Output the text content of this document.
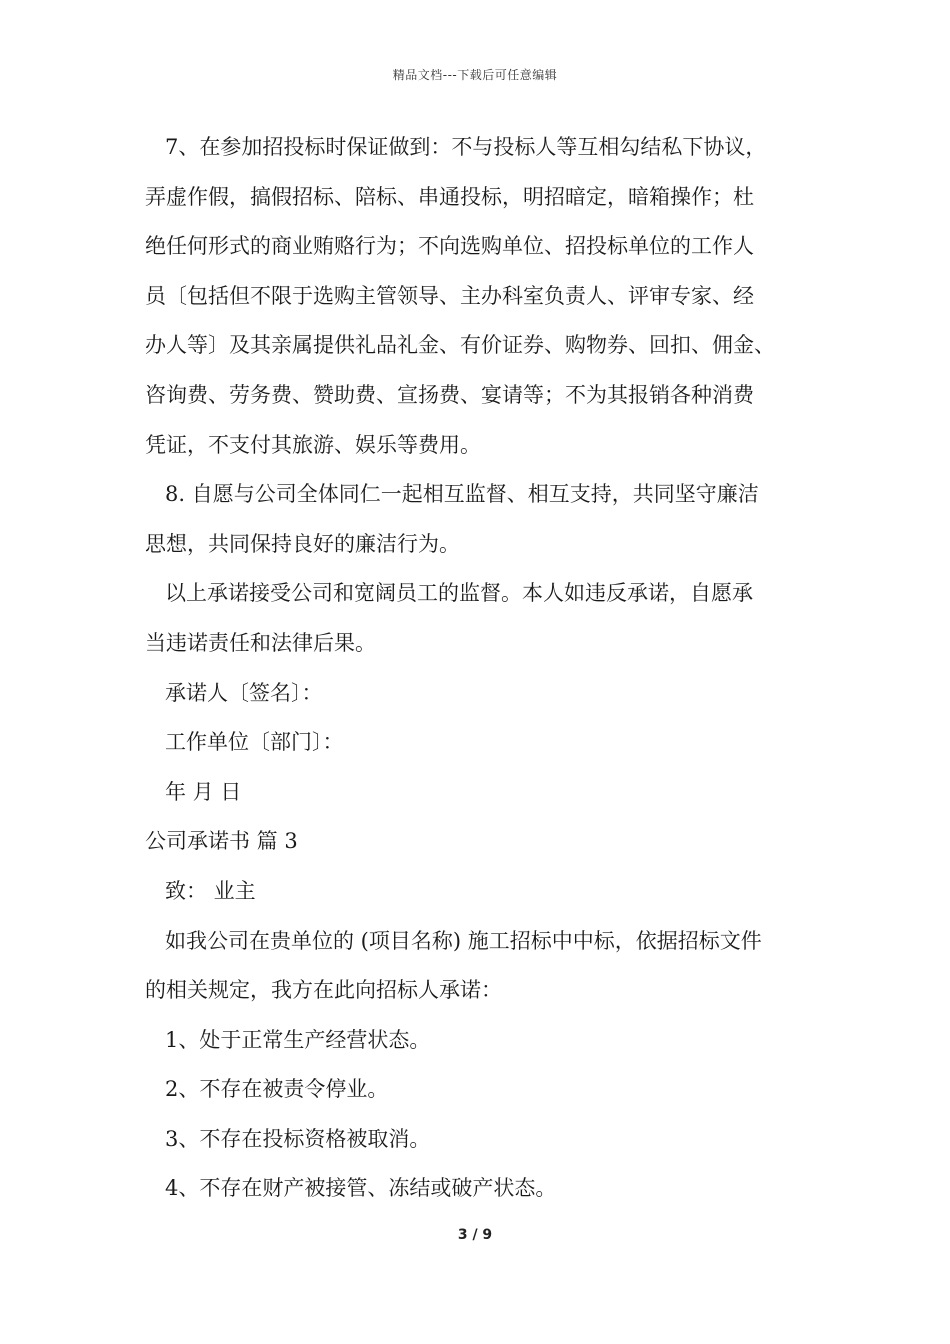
精品文档---下载后可任意编辑
7、在参加招投标时保证做到：不与投标人等互相勾结私下协议，
弄虚作假，搞假招标、陪标、串通投标，明招暗定，暗箱操作；杜
绝任何形式的商业贿赂行为；不向选购单位、招投标单位的工作人
员〔包括但不限于选购主管领导、主办科室负责人、评审专家、经
办人等〕及其亲属提供礼品礼金、有价证券、购物券、回扣、佣金、
咨询费、劳务费、赞助费、宣扬费、宴请等；不为其报销各种消费
凭证，不支付其旅游、娱乐等费用。
8. 自愿与公司全体同仁一起相互监督、相互支持，共同坚守廉洁
思想，共同保持良好的廉洁行为。
以上承诺接受公司和宽阔员工的监督。本人如违反承诺，自愿承
当违诺责任和法律后果。
承诺人〔签名〕：
工作单位〔部门〕：
年 月 日
公司承诺书 篇 3
致： 业主
如我公司在贵单位的 (项目名称) 施工招标中中标，依据招标文件
的相关规定，我方在此向招标人承诺：
1、处于正常生产经营状态。
2、不存在被责令停业。
3、不存在投标资格被取消。
4、不存在财产被接管、冻结或破产状态。
3 / 9
